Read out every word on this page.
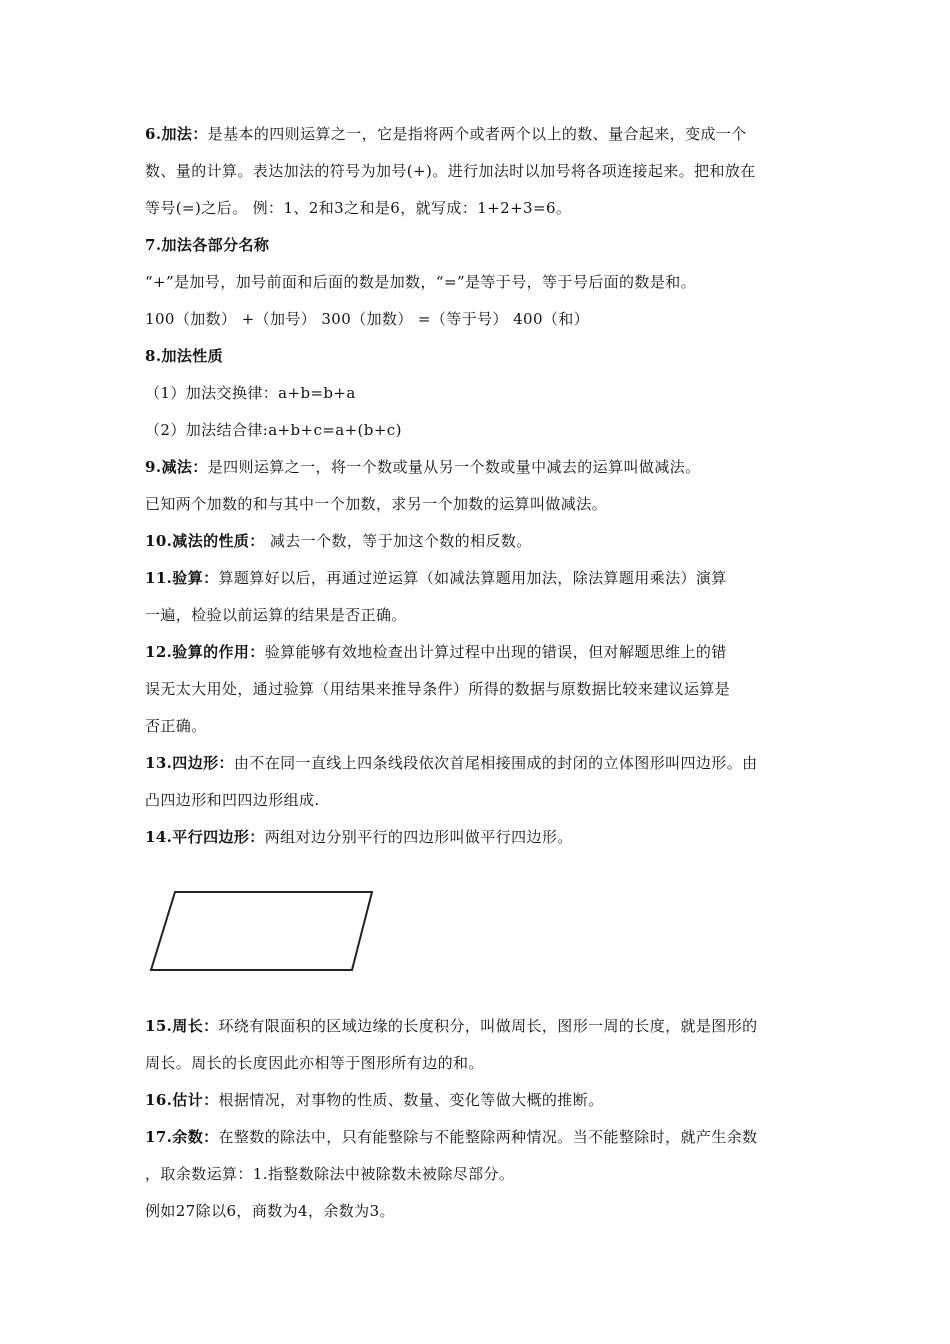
6.加法：是基本的四则运算之一，它是指将两个或者两个以上的数、量合起来，变成一个
数、量的计算。表达加法的符号为加号(+)。进行加法时以加号将各项连接起来。把和放在
等号(=)之后。 例：1、2和3之和是6，就写成：1+2+3=6。
7.加法各部分名称
“+”是加号，加号前面和后面的数是加数，“=”是等于号，等于号后面的数是和。
100（加数） +（加号） 300（加数） =（等于号） 400（和）
8.加法性质
（1）加法交换律：a+b=b+a
（2）加法结合律:a+b+c=a+(b+c)
9.减法：是四则运算之一，将一个数或量从另一个数或量中减去的运算叫做减法。
已知两个加数的和与其中一个加数，求另一个加数的运算叫做减法。
10.减法的性质： 减去一个数，等于加这个数的相反数。
11.验算：算题算好以后，再通过逆运算（如减法算题用加法，除法算题用乘法）演算
一遍，检验以前运算的结果是否正确。
12.验算的作用：验算能够有效地检查出计算过程中出现的错误，但对解题思维上的错
误无太大用处，通过验算（用结果来推导条件）所得的数据与原数据比较来建议运算是
否正确。
13.四边形：由不在同一直线上四条线段依次首尾相接围成的封闭的立体图形叫四边形。由
凸四边形和凹四边形组成.
14.平行四边形：两组对边分别平行的四边形叫做平行四边形。
15.周长：环绕有限面积的区域边缘的长度积分，叫做周长，图形一周的长度，就是图形的
周长。周长的长度因此亦相等于图形所有边的和。
16.估计：根据情况，对事物的性质、数量、变化等做大概的推断。
17.余数：在整数的除法中，只有能整除与不能整除两种情况。当不能整除时，就产生余数
，取余数运算：1.指整数除法中被除数未被除尽部分。
例如27除以6，商数为4，余数为3。
